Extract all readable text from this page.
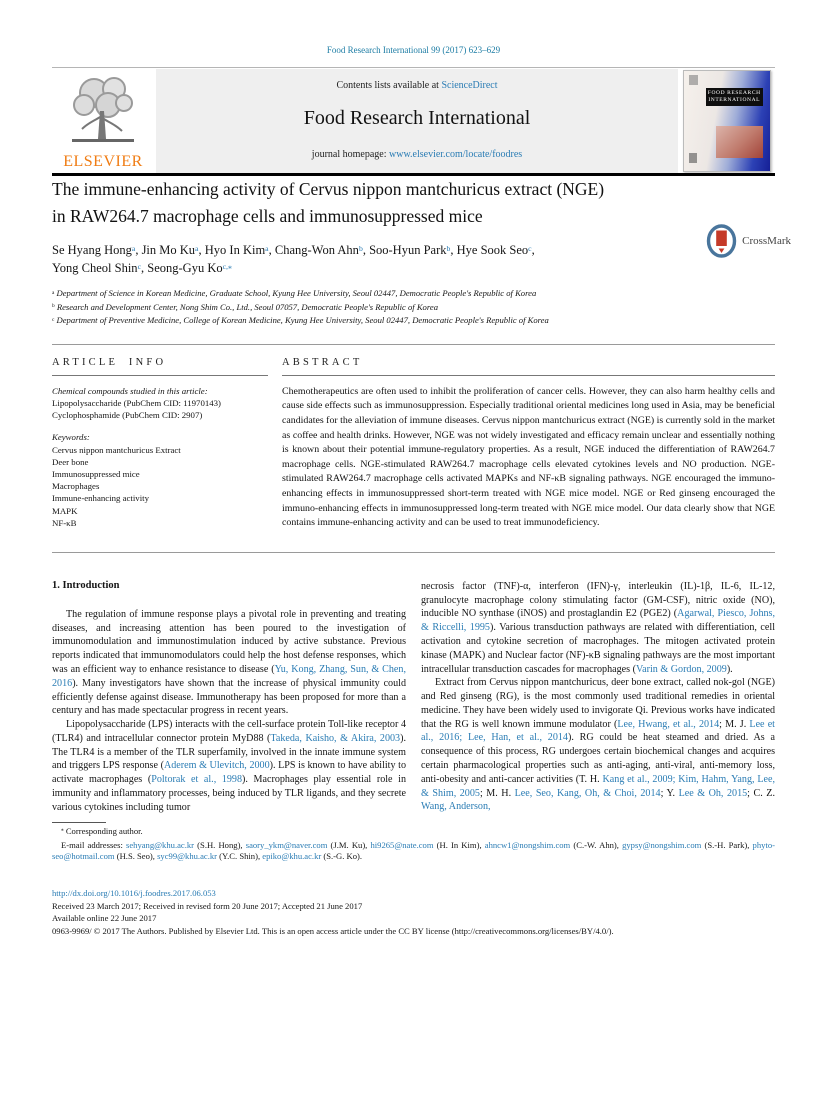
Food Research International 99 (2017) 623–629
ELSEVIER
Contents lists available at ScienceDirect
Food Research International
journal homepage: www.elsevier.com/locate/foodres
FOOD RESEARCH
INTERNATIONAL
The immune-enhancing activity of Cervus nippon mantchuricus extract (NGE)
in RAW264.7 macrophage cells and immunosuppressed mice
Se Hyang Hong$^a$, Jin Mo Ku$^a$, Hyo In Kim$^a$, Chang-Won Ahn$^b$, Soo-Hyun Park$^b$, Hye Sook Seo$^c$,
Yong Cheol Shin$^c$, Seong-Gyu $Ko^{c,⁎}$
$^a$ Department of Science in Korean Medicine, Graduate School, Kyung Hee University, Seoul 02447, Democratic People's Republic of Korea
$^b$ Research and Development Center, Nong Shim Co., Ltd., Seoul 07057, Democratic People's Republic of Korea
$^c$ Department of Preventive Medicine, College of Korean Medicine, Kyung Hee University, Seoul 02447, Democratic People's Republic of Korea
ARTICLE INFO
Chemical compounds studied in this article:
Lipopolysaccharide (PubChem CID: 11970143)
Cyclophosphamide (PubChem CID: 2907)
Keywords:
Cervus nippon mantchuricus Extract
Deer bone
Immunosuppressed mice
Macrophages
Immune-enhancing activity
MAPK
NF-κB
ABSTRACT
Chemotherapeutics are often used to inhibit the proliferation of cancer cells. However, they can also harm healthy cells and cause side effects such as immunosuppression. Especially traditional oriental medicines long used in Asia, may be beneficial candidates for the alleviation of immune diseases. Cervus nippon mantchuricus extract (NGE) is currently sold in the market as coffee and health drinks. However, NGE was not widely investigated and efficacy remain unclear and essentially nothing is known about their potential immune-regulatory properties. As a result, NGE induced the differentiation of RAW264.7 macrophage cells. NGE-stimulated RAW264.7 macrophage cells elevated cytokines levels and NO production. NGE-stimulated RAW264.7 macrophage cells activated MAPKs and NF-κB signaling pathways. NGE encouraged the immuno-enhancing effects in immunosuppressed short-term treated with NGE mice model. NGE or Red ginseng encouraged the immuno-enhancing effects in immunosuppressed long-term treated with NGE mice model. Our data clearly show that NGE contains immune-enhancing activity and can be used to treat immunodeficiency.
1. Introduction

The regulation of immune response plays a pivotal role in preventing and treating diseases, and increasing attention has been poured to the investigation of immunomodulation and immunostimulation induced by active substance. Previous reports indicated that immunomodulators could help the host defense responses, which was an efficient way to enhance resistance to disease (Yu, Kong, Zhang, Sun, & Chen, 2016). Many investigators have shown that the increase of physical immunity could efficiently defense against disease. Immunotherapy has been proposed for more than a century and has made spectacular progress in recent years.

Lipopolysaccharide (LPS) interacts with the cell-surface protein Toll-like receptor 4 (TLR4) and intracellular connector protein MyD88 (Takeda, Kaisho, & Akira, 2003). The TLR4 is a member of the TLR superfamily, involved in the innate immune system and triggers LPS response (Aderem & Ulevitch, 2000). LPS is known to have ability to activate macrophages (Poltorak et al., 1998). Macrophages play essential role in immunity and inflammatory processes, being induced by TLR ligands, and they secrete various cytokines including tumor

necrosis factor (TNF)-α, interferon (IFN)-γ, interleukin (IL)-1β, IL-6, IL-12, granulocyte macrophage colony stimulating factor (GM-CSF), nitric oxide (NO), inducible NO synthase (iNOS) and prostaglandin E2 (PGE2) (Agarwal, Piesco, Johns, & Riccelli, 1995). Various transduction pathways are related with differentiation, cell activation and cytokine secretion of macrophages. The mitogen activated protein kinase (MAPK) and Nuclear factor (NF)-κB signaling pathways are the most important intracellular transduction cascades for macrophages (Varin & Gordon, 2009).

Extract from Cervus nippon mantchuricus, deer bone extract, called nok-gol (NGE) and Red ginseng (RG), is the most commonly used traditional remedies in oriental medicine. They have been widely used to invigorate Qi. Previous works have indicated that the RG is well known immune modulator (Lee, Hwang, et al., 2014; M. J. Lee et al., 2016; Lee, Han, et al., 2014). RG could be heat steamed and dried. As a consequence of this process, RG undergoes certain biochemical changes and acquires certain pharmacological properties such as anti-aging, anti-viral, anti-memory loss, anti-obesity and anti-cancer activities (T. H. Kang et al., 2009; Kim, Hahm, Yang, Lee, & Shim, 2005; M. H. Lee, Seo, Kang, Oh, & Choi, 2014; Y. Lee & Oh, 2015; C. Z. Wang, Anderson,

⁎ Corresponding author.
E-mail addresses: sehyang@khu.ac.kr (S.H. Hong), saory_ykm@naver.com (J.M. Ku), hi9265@nate.com (H. In Kim), ahncw1@nongshim.com (C.-W. Ahn), gypsy@nongshim.com (S.-H. Park), phyto-seo@hotmail.com (H.S. Seo), syc99@khu.ac.kr (Y.C. Shin), epiko@khu.ac.kr (S.-G. Ko).
http://dx.doi.org/10.1016/j.foodres.2017.06.053
Received 23 March 2017; Received in revised form 20 June 2017; Accepted 21 June 2017
Available online 22 June 2017
0963-9969/ © 2017 The Authors. Published by Elsevier Ltd. This is an open access article under the CC BY license (http://creativecommons.org/licenses/BY/4.0/).
CrossMark
